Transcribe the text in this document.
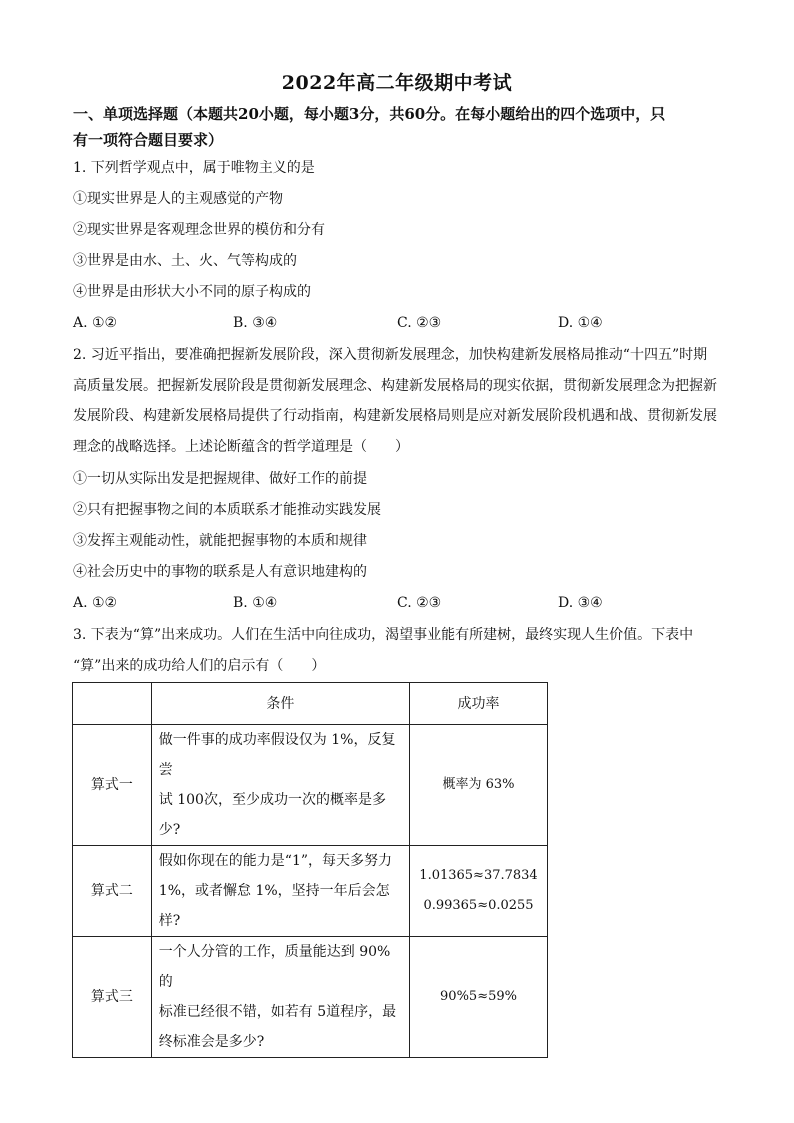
2022年高二年级期中考试
一、单项选择题（本题共20小题，每小题3分，共60分。在每小题给出的四个选项中，只
有一项符合题目要求）
1. 下列哲学观点中，属于唯物主义的是
①现实世界是人的主观感觉的产物
②现实世界是客观理念世界的模仿和分有
③世界是由水、土、火、气等构成的
④世界是由形状大小不同的原子构成的
A. ①②	B. ③④	C. ②③	D. ①④
2. 习近平指出，要准确把握新发展阶段，深入贯彻新发展理念，加快构建新发展格局推动“十四五”时期
高质量发展。把握新发展阶段是贯彻新发展理念、构建新发展格局的现实依据，贯彻新发展理念为把握新
发展阶段、构建新发展格局提供了行动指南，构建新发展格局则是应对新发展阶段机遇和战、贯彻新发展
理念的战略选择。上述论断蕴含的哲学道理是（　　）
①一切从实际出发是把握规律、做好工作的前提
②只有把握事物之间的本质联系才能推动实践发展
③发挥主观能动性，就能把握事物的本质和规律
④社会历史中的事物的联系是人有意识地建构的
A. ①②	B. ①④	C. ②③	D. ③④
3. 下表为“算”出来成功。人们在生活中向往成功，渴望事业能有所建树，最终实现人生价值。下表中
“算”出来的成功给人们的启示有（　　）
	条件	成功率
算式一	做一件事的成功率假设仅为 1%，反复尝
试 100次，至少成功一次的概率是多
少?	概率为 63%

算式二	假如你现在的能力是“1”，每天多努力
1%，或者懈怠 1%，坚持一年后会怎样?	1.01365≈37.7834
0.99365≈0.0255

算式三	一个人分管的工作，质量能达到 90%的
标准已经很不错，如若有 5道程序，最
终标准会是多少?	90%5≈59%
